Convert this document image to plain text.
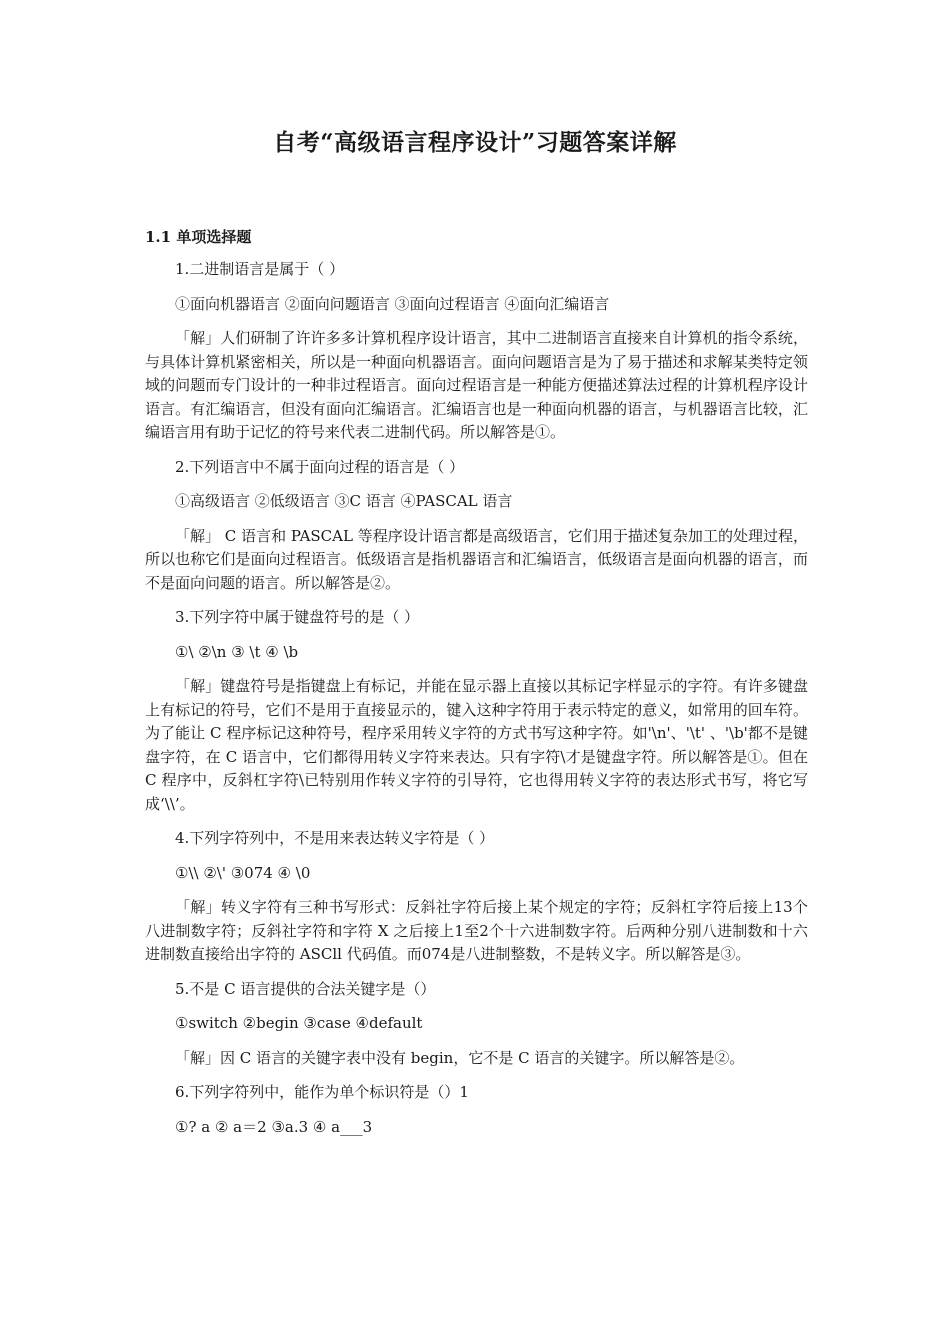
自考“高级语言程序设计”习题答案详解
1.1 单项选择题

1.二进制语言是属于（ ）

①面向机器语言 ②面向问题语言 ③面向过程语言 ④面向汇编语言

「解」人们研制了许许多多计算机程序设计语言，其中二进制语言直接来自计算机的指令系统，与具体计算机紧密相关，所以是一种面向机器语言。面向问题语言是为了易于描述和求解某类特定领域的问题而专门设计的一种非过程语言。面向过程语言是一种能方便描述算法过程的计算机程序设计语言。有汇编语言，但没有面向汇编语言。汇编语言也是一种面向机器的语言，与机器语言比较，汇编语言用有助于记忆的符号来代表二进制代码。所以解答是①。

2.下列语言中不属于面向过程的语言是（ ）

①高级语言 ②低级语言 ③C 语言 ④PASCAL 语言

「解」 C 语言和 PASCAL 等程序设计语言都是高级语言，它们用于描述复杂加工的处理过程，所以也称它们是面向过程语言。低级语言是指机器语言和汇编语言，低级语言是面向机器的语言，而不是面向问题的语言。所以解答是②。

3.下列字符中属于键盘符号的是（ ）

①\ ②\n ③ \t ④ \b

「解」键盘符号是指键盘上有标记，并能在显示器上直接以其标记字样显示的字符。有许多键盘上有标记的符号，它们不是用于直接显示的，键入这种字符用于表示特定的意义，如常用的回车符。为了能让 C 程序标记这种符号，程序采用转义字符的方式书写这种字符。如'\n'、'\t' 、'\b'都不是键盘字符，在 C 语言中，它们都得用转义字符来表达。只有字符\才是键盘字符。所以解答是①。但在 C 程序中，反斜杠字符\已特别用作转义字符的引导符，它也得用转义字符的表达形式书写，将它写成‘\\’。

4.下列字符列中，不是用来表达转义字符是（ ）

①\\ ②\' ③074 ④ \0

「解」转义字符有三种书写形式：反斜社字符后接上某个规定的字符；反斜杠字符后接上13个八进制数字符；反斜社字符和字符 X 之后接上1至2个十六进制数字符。后两种分别八进制数和十六进制数直接给出字符的 ASCll 代码值。而074是八进制整数，不是转义字。所以解答是③。

5.不是 C 语言提供的合法关键字是（）

①switch ②begin ③case ④default

「解」因 C 语言的关键字表中没有 begin，它不是 C 语言的关键字。所以解答是②。

6.下列字符列中，能作为单个标识符是（）1

①? a ② a＝2 ③a.3 ④ a___3
